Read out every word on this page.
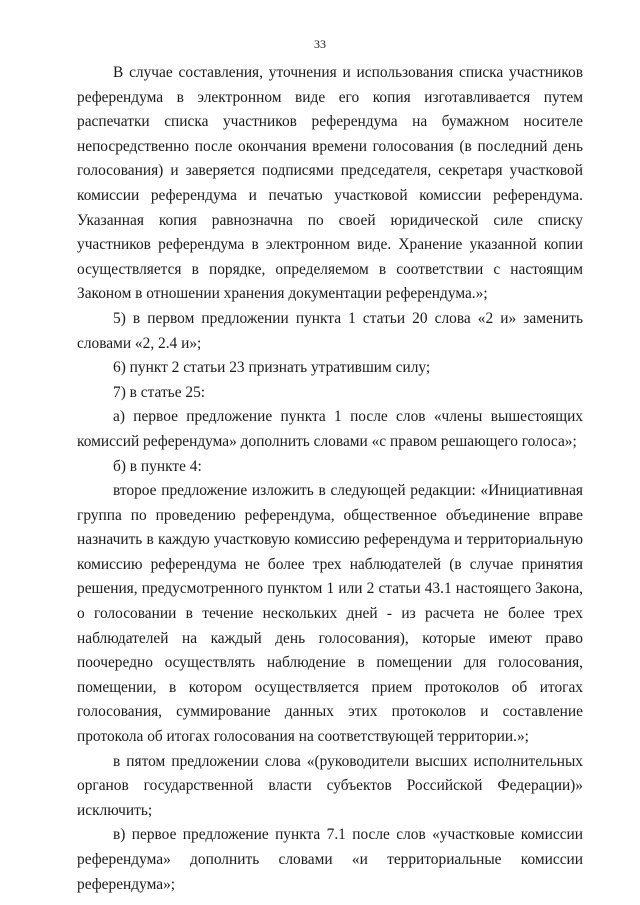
33

В случае составления, уточнения и использования списка участников референдума в электронном виде его копия изготавливается путем распечатки списка участников референдума на бумажном носителе непосредственно после окончания времени голосования (в последний день голосования) и заверяется подписями председателя, секретаря участковой комиссии референдума и печатью участковой комиссии референдума. Указанная копия равнозначна по своей юридической силе списку участников референдума в электронном виде. Хранение указанной копии осуществляется в порядке, определяемом в соответствии с настоящим Законом в отношении хранения документации референдума.»;

5) в первом предложении пункта 1 статьи 20 слова «2 и» заменить словами «2, 2.4 и»;

6) пункт 2 статьи 23 признать утратившим силу;

7) в статье 25:

а) первое предложение пункта 1 после слов «члены вышестоящих комиссий референдума» дополнить словами «с правом решающего голоса»;

б) в пункте 4:

второе предложение изложить в следующей редакции: «Инициативная группа по проведению референдума, общественное объединение вправе назначить в каждую участковую комиссию референдума и территориальную комиссию референдума не более трех наблюдателей (в случае принятия решения, предусмотренного пунктом 1 или 2 статьи 43.1 настоящего Закона, о голосовании в течение нескольких дней - из расчета не более трех наблюдателей на каждый день голосования), которые имеют право поочередно осуществлять наблюдение в помещении для голосования, помещении, в котором осуществляется прием протоколов об итогах голосования, суммирование данных этих протоколов и составление протокола об итогах голосования на соответствующей территории.»;

в пятом предложении слова «(руководители высших исполнительных органов государственной власти субъектов Российской Федерации)» исключить;

в) первое предложение пункта 7.1 после слов «участковые комиссии референдума» дополнить словами «и территориальные комиссии референдума»;
